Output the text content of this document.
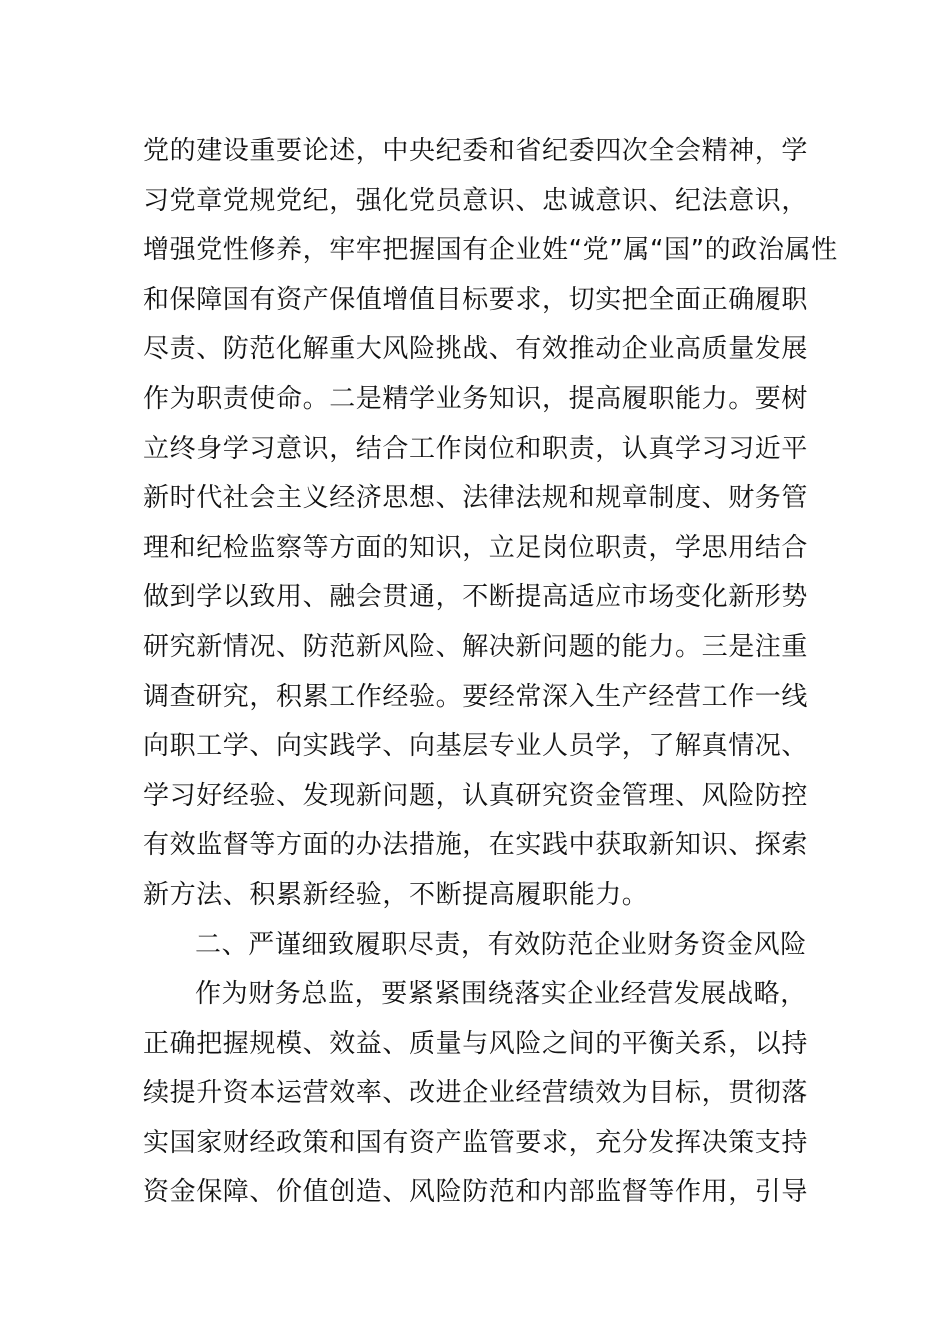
党的建设重要论述，中央纪委和省纪委四次全会精神，学
习党章党规党纪，强化党员意识、忠诚意识、纪法意识，
增强党性修养，牢牢把握国有企业姓“党”属“国”的政治属性
和保障国有资产保值增值目标要求，切实把全面正确履职
尽责、防范化解重大风险挑战、有效推动企业高质量发展
作为职责使命。二是精学业务知识，提高履职能力。要树
立终身学习意识，结合工作岗位和职责，认真学习习近平
新时代社会主义经济思想、法律法规和规章制度、财务管
理和纪检监察等方面的知识，立足岗位职责，学思用结合
做到学以致用、融会贯通，不断提高适应市场变化新形势
研究新情况、防范新风险、解决新问题的能力。三是注重
调查研究，积累工作经验。要经常深入生产经营工作一线
向职工学、向实践学、向基层专业人员学，了解真情况、
学习好经验、发现新问题，认真研究资金管理、风险防控
有效监督等方面的办法措施，在实践中获取新知识、探索
新方法、积累新经验，不断提高履职能力。
二、严谨细致履职尽责，有效防范企业财务资金风险
作为财务总监，要紧紧围绕落实企业经营发展战略，
正确把握规模、效益、质量与风险之间的平衡关系，以持
续提升资本运营效率、改进企业经营绩效为目标，贯彻落
实国家财经政策和国有资产监管要求，充分发挥决策支持
资金保障、价值创造、风险防范和内部监督等作用，引导
